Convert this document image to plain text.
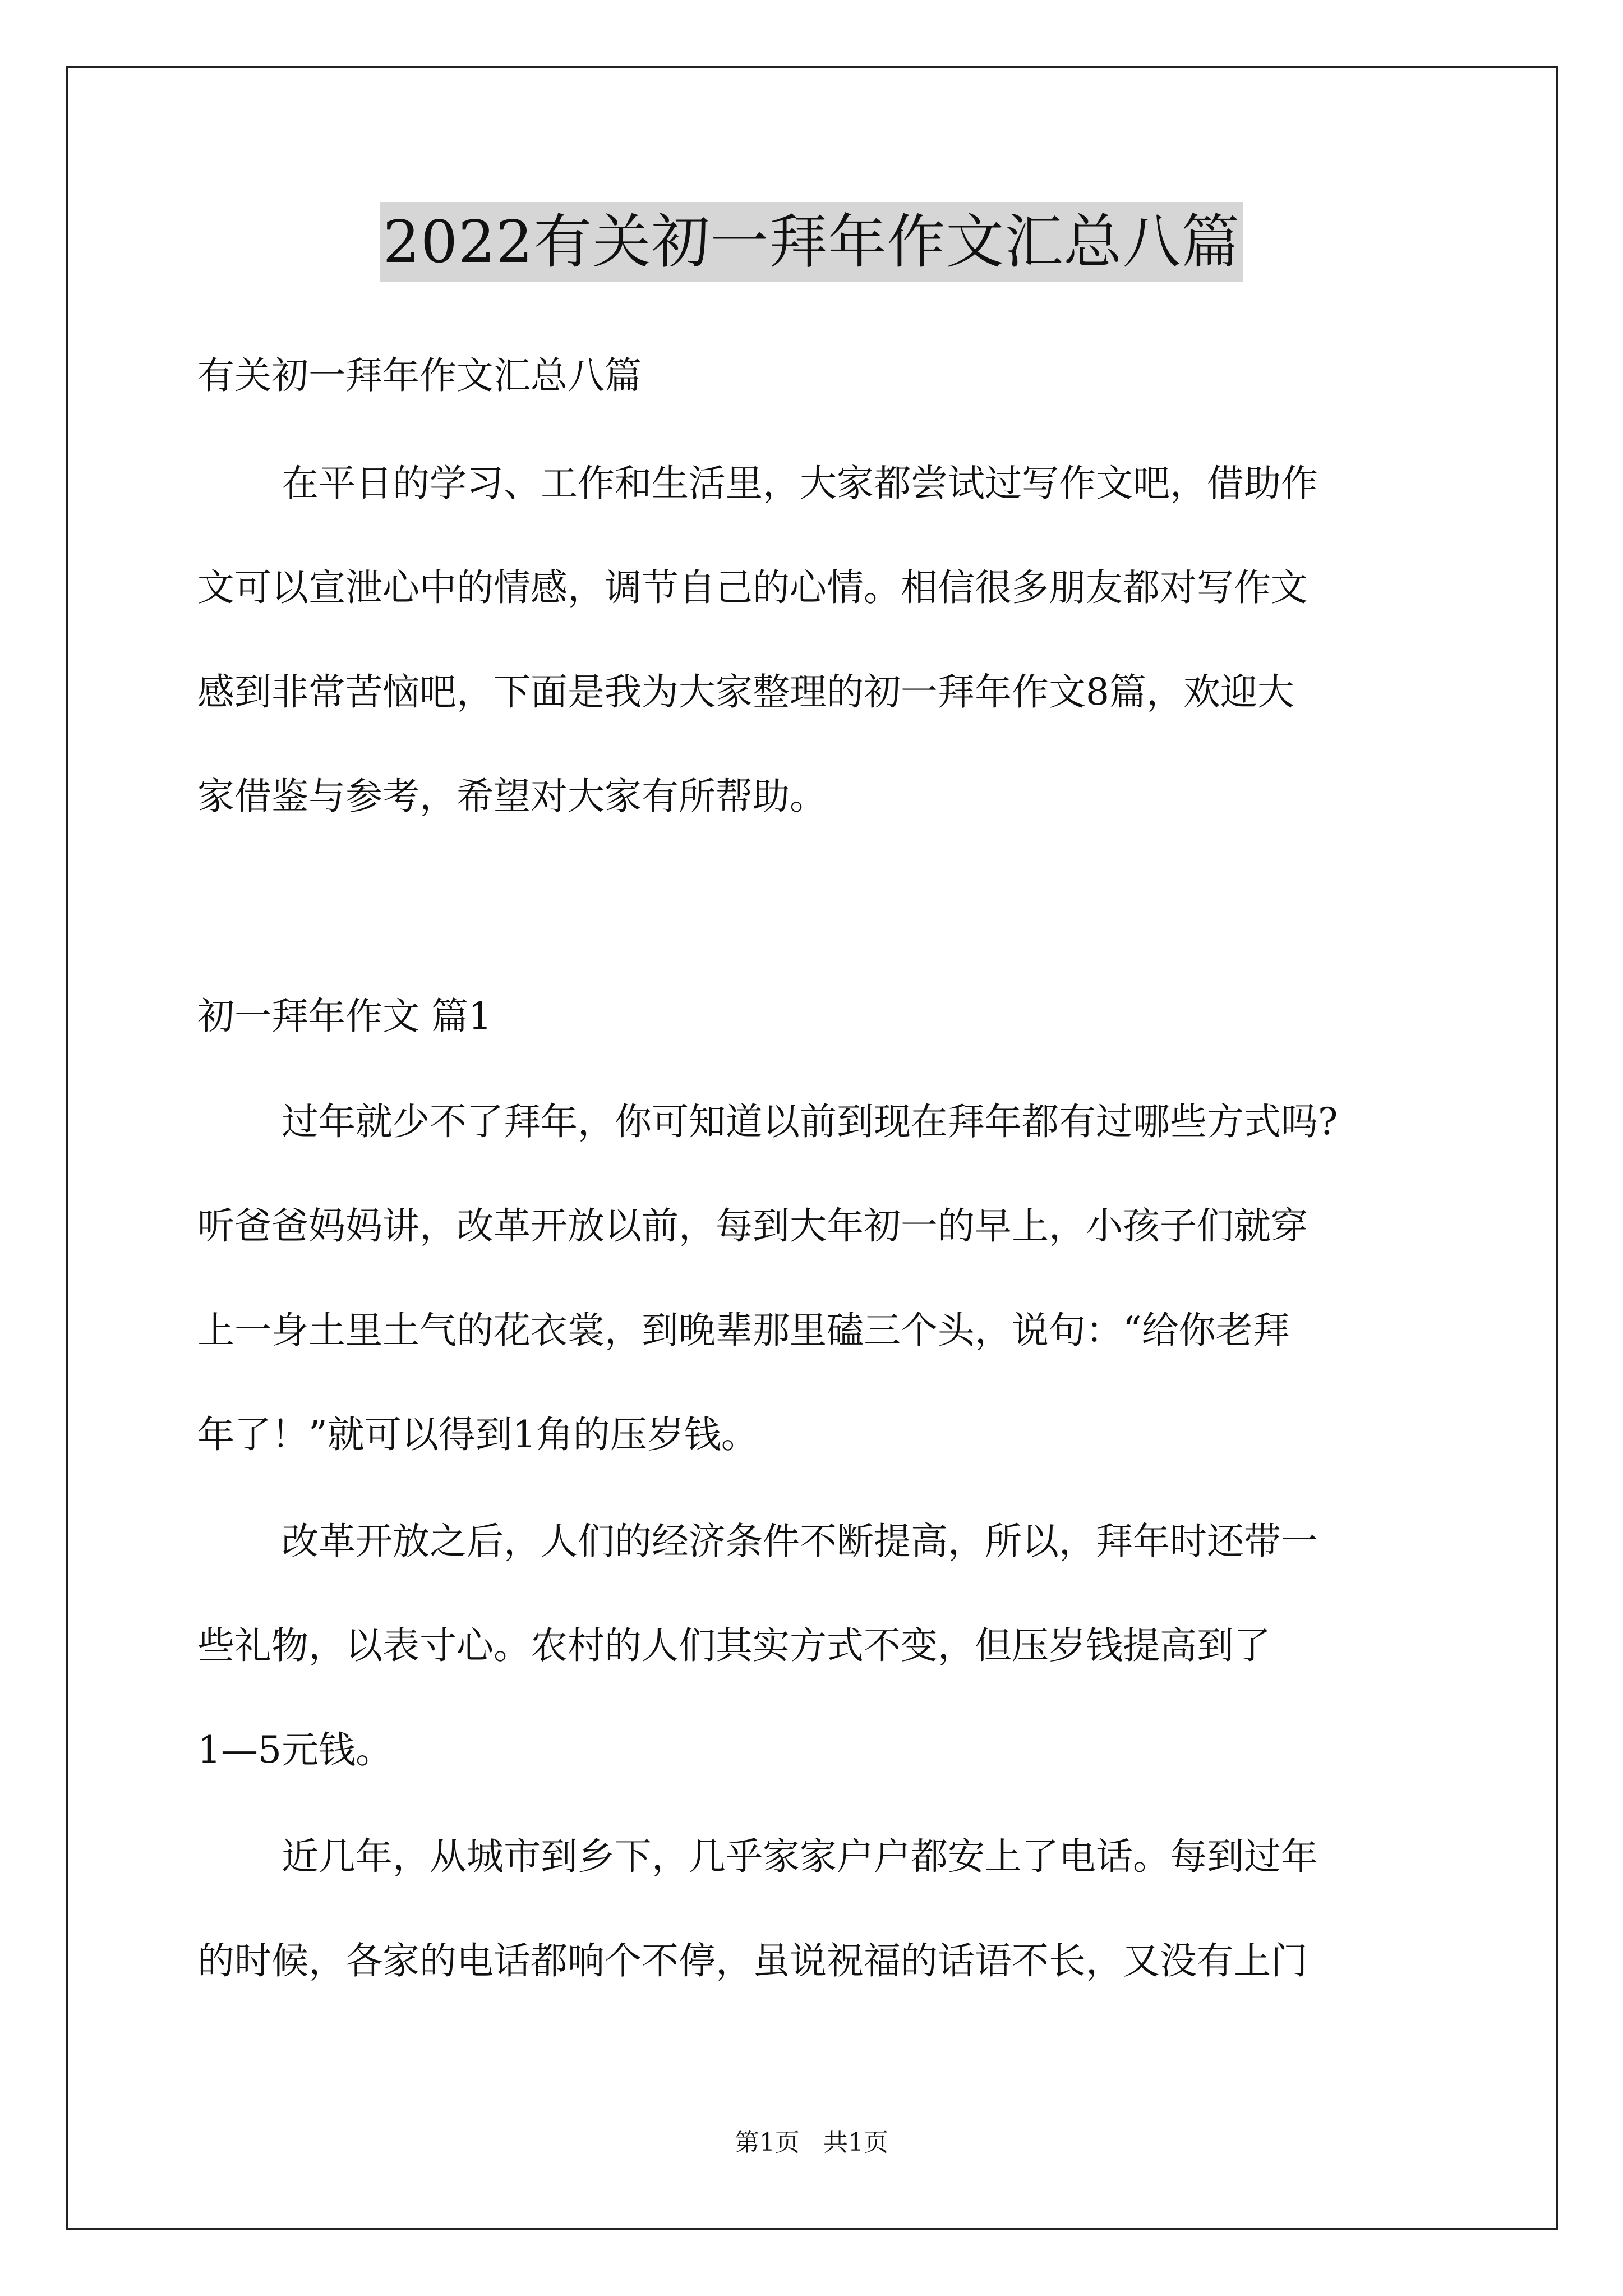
2022有关初一拜年作文汇总八篇
有关初一拜年作文汇总八篇
在平日的学习、工作和生活里，大家都尝试过写作文吧，借助作
文可以宣泄心中的情感，调节自己的心情。相信很多朋友都对写作文
感到非常苦恼吧，下面是我为大家整理的初一拜年作文8篇，欢迎大
家借鉴与参考，希望对大家有所帮助。
初一拜年作文 篇1
过年就少不了拜年，你可知道以前到现在拜年都有过哪些方式吗?
听爸爸妈妈讲，改革开放以前，每到大年初一的早上，小孩子们就穿
上一身土里土气的花衣裳，到晚辈那里磕三个头，说句：“给你老拜
年了！”就可以得到1角的压岁钱。
改革开放之后，人们的经济条件不断提高，所以，拜年时还带一
些礼物，以表寸心。农村的人们其实方式不变，但压岁钱提高到了
1—5元钱。
近几年，从城市到乡下，几乎家家户户都安上了电话。每到过年
的时候，各家的电话都响个不停，虽说祝福的话语不长，又没有上门
第1页   共1页
